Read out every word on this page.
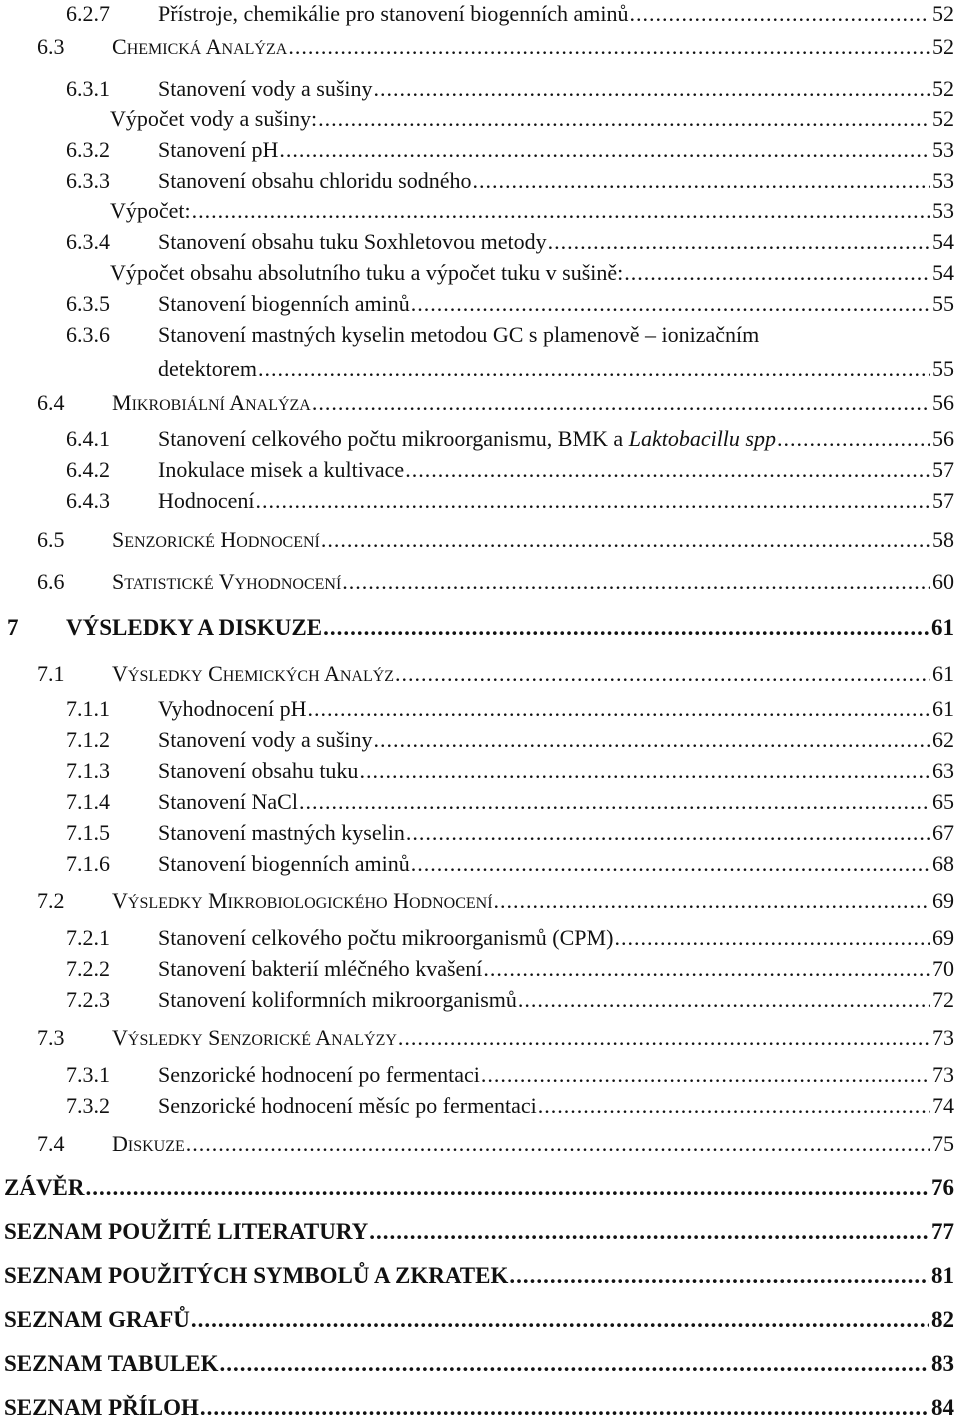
6.2.7 Přístroje, chemikálie pro stanovení biogenních aminů .....	52
6.3 CHEMICKÁ ANALÝZA .....	52
6.3.1 Stanovení vody a sušiny .....	52
Výpočet vody a sušiny: .....	52
6.3.2 Stanovení pH .....	53
6.3.3 Stanovení obsahu chloridu sodného .....	53
Výpočet: .....	53
6.3.4 Stanovení obsahu tuku Soxhletovou metody .....	54
Výpočet obsahu absolutního tuku a výpočet tuku v sušině: .....	54
6.3.5 Stanovení biogenních aminů .....	55
6.3.6 Stanovení mastných kyselin metodou GC s plamenově – ionizačním
detektorem .....	55
6.4 MIKROBIÁLNÍ ANALÝZA .....	56
6.4.1 Stanovení celkového počtu mikroorganismu, BMK a Laktobacillu spp .....	56
6.4.2 Inokulace misek a kultivace .....	57
6.4.3 Hodnocení .....	57
6.5 SENZORICKÉ HODNOCENÍ .....	58
6.6 STATISTICKÉ VYHODNOCENÍ .....	60
7 VÝSLEDKY A DISKUZE .....	61
7.1 VÝSLEDKY CHEMICKÝCH ANALÝZ .....	61
7.1.1 Vyhodnocení pH .....	61
7.1.2 Stanovení vody a sušiny .....	62
7.1.3 Stanovení obsahu tuku .....	63
7.1.4 Stanovení NaCl .....	65
7.1.5 Stanovení mastných kyselin .....	67
7.1.6 Stanovení biogenních aminů .....	68
7.2 VÝSLEDKY MIKROBIOLOGICKÉHO HODNOCENÍ .....	69
7.2.1 Stanovení celkového počtu mikroorganismů (CPM) .....	69
7.2.2 Stanovení bakterií mléčného kvašení .....	70
7.2.3 Stanovení koliformních mikroorganismů .....	72
7.3 VÝSLEDKY SENZORICKÉ ANALÝZY .....	73
7.3.1 Senzorické hodnocení po fermentaci .....	73
7.3.2 Senzorické hodnocení měsíc po fermentaci .....	74
7.4 DISKUZE .....	75
ZÁVĚR .....	76
SEZNAM POUŽITÉ LITERATURY .....	77
SEZNAM POUŽITÝCH SYMBOLŮ A ZKRATEK .....	81
SEZNAM GRAFŮ .....	82
SEZNAM TABULEK .....	83
SEZNAM PŘÍLOH .....	84
